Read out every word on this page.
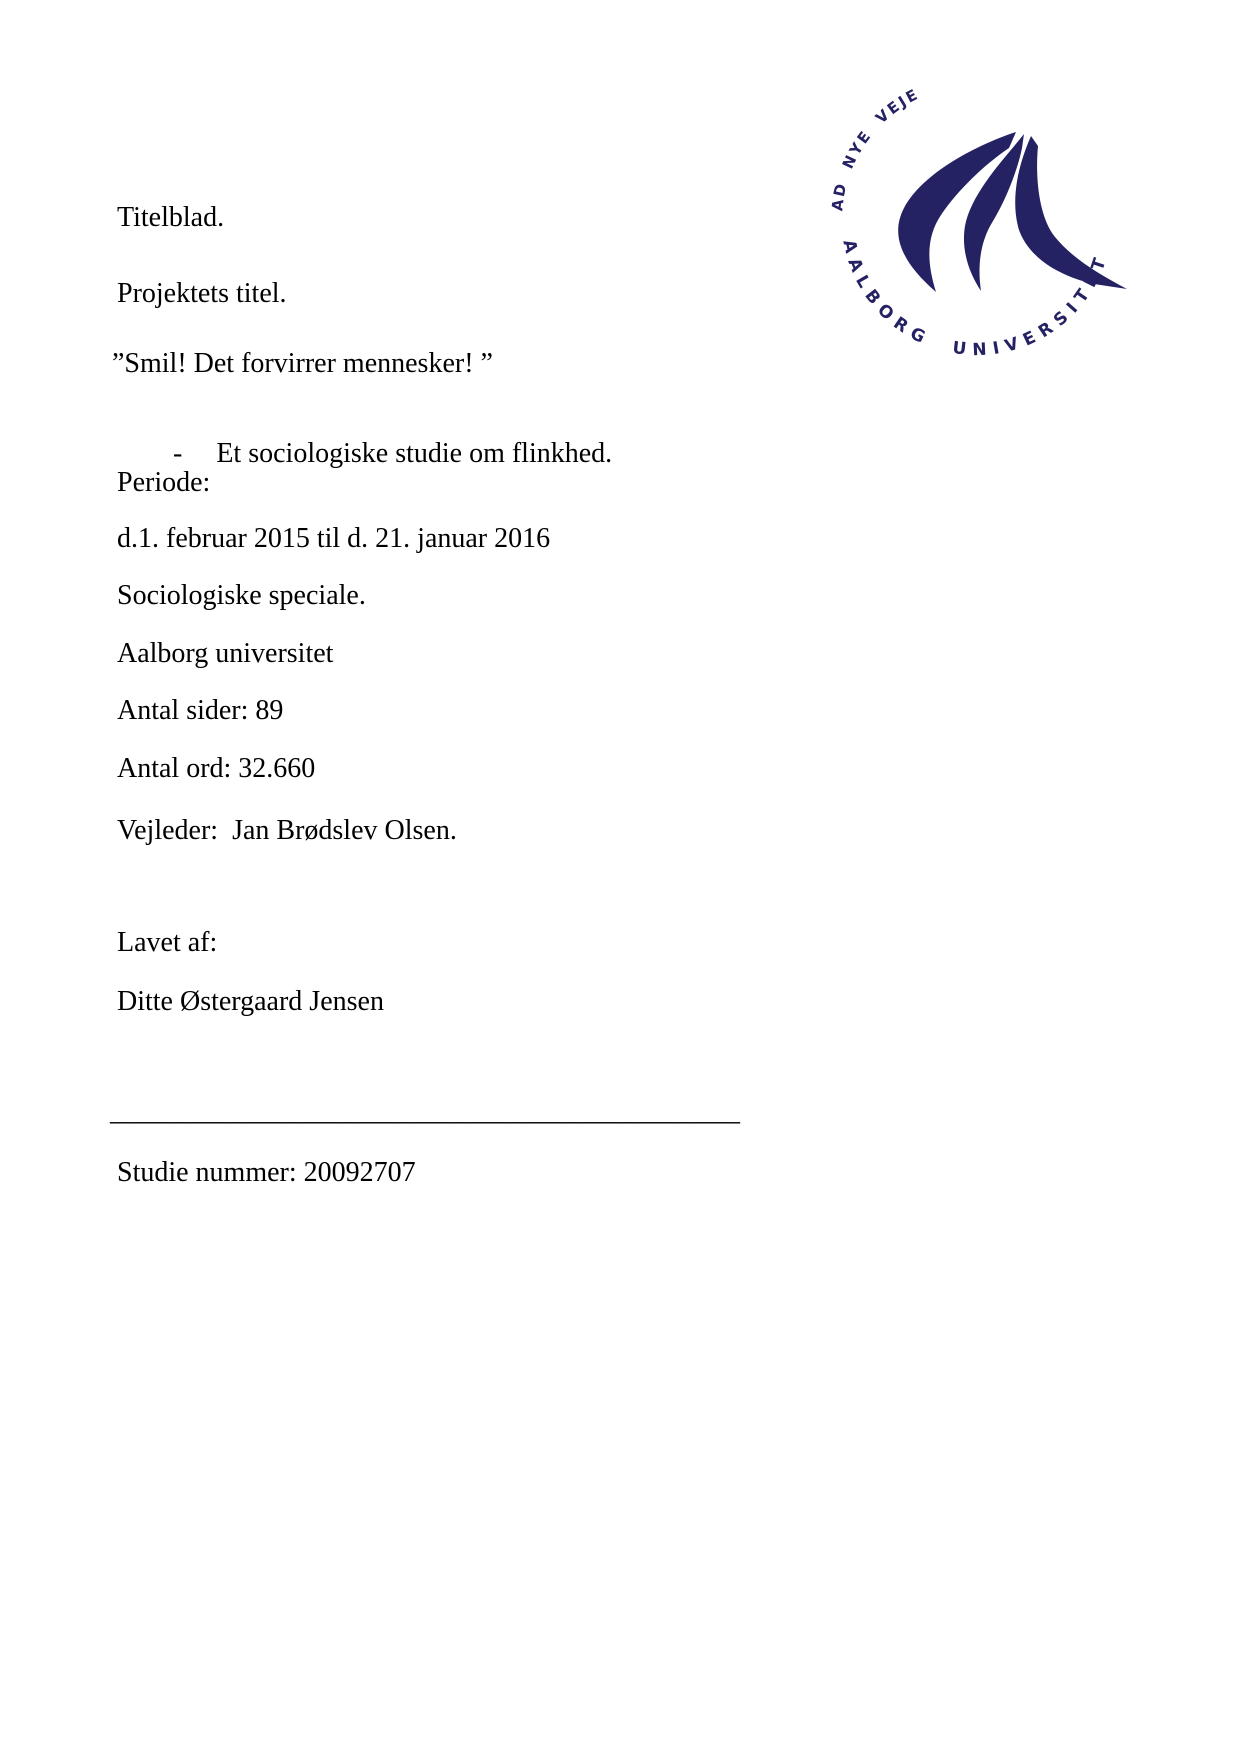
Titelblad.
Projektets titel.
”Smil! Det forvirrer mennesker! ”

- Et sociologiske studie om flinkhed.

Periode:
d.1. februar 2015 til d. 21. januar 2016
Sociologiske speciale.
Aalborg universitet
Antal sider: 89
Antal ord: 32.660
Vejleder:  Jan Brødslev Olsen.
Lavet af:
Ditte Østergaard Jensen
_____________________________________________
Studie nummer: 20092707
AD NYE VEJE
AALBORG UNIVERSITET
